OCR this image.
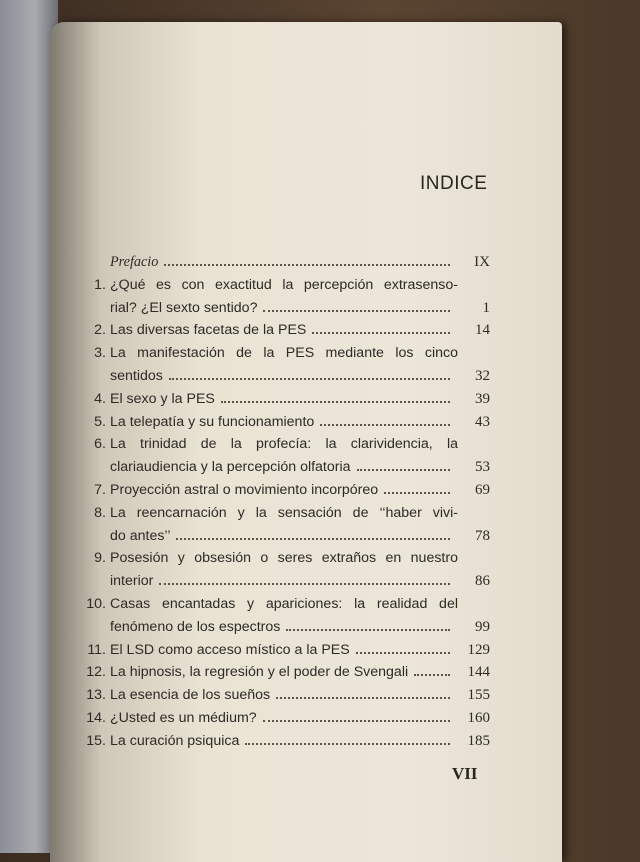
INDICE
Prefacio	IX
1. ¿Qué es con exactitud la percepción extrasenso-
rial? ¿El sexto sentido?	1
2. Las diversas facetas de la PES	14
3. La manifestación de la PES mediante los cinco
sentidos	32
4. El sexo y la PES	39
5. La telepatía y su funcionamiento	43
6. La trinidad de la profecía: la clarividencia, la
clariaudiencia y la percepción olfatoria	53
7. Proyección astral o movimiento incorpóreo	69
8. La reencarnación y la sensación de ‘‘haber vivi-
do antes’’	78
9. Posesión y obsesión o seres extraños en nuestro
interior	86
10. Casas encantadas y apariciones: la realidad del
fenómeno de los espectros	99
11. El LSD como acceso místico a la PES	129
12. La hipnosis, la regresión y el poder de Svengali	144
13. La esencia de los sueños	155
14. ¿Usted es un médium?	160
15. La curación psiquica	185
VII
